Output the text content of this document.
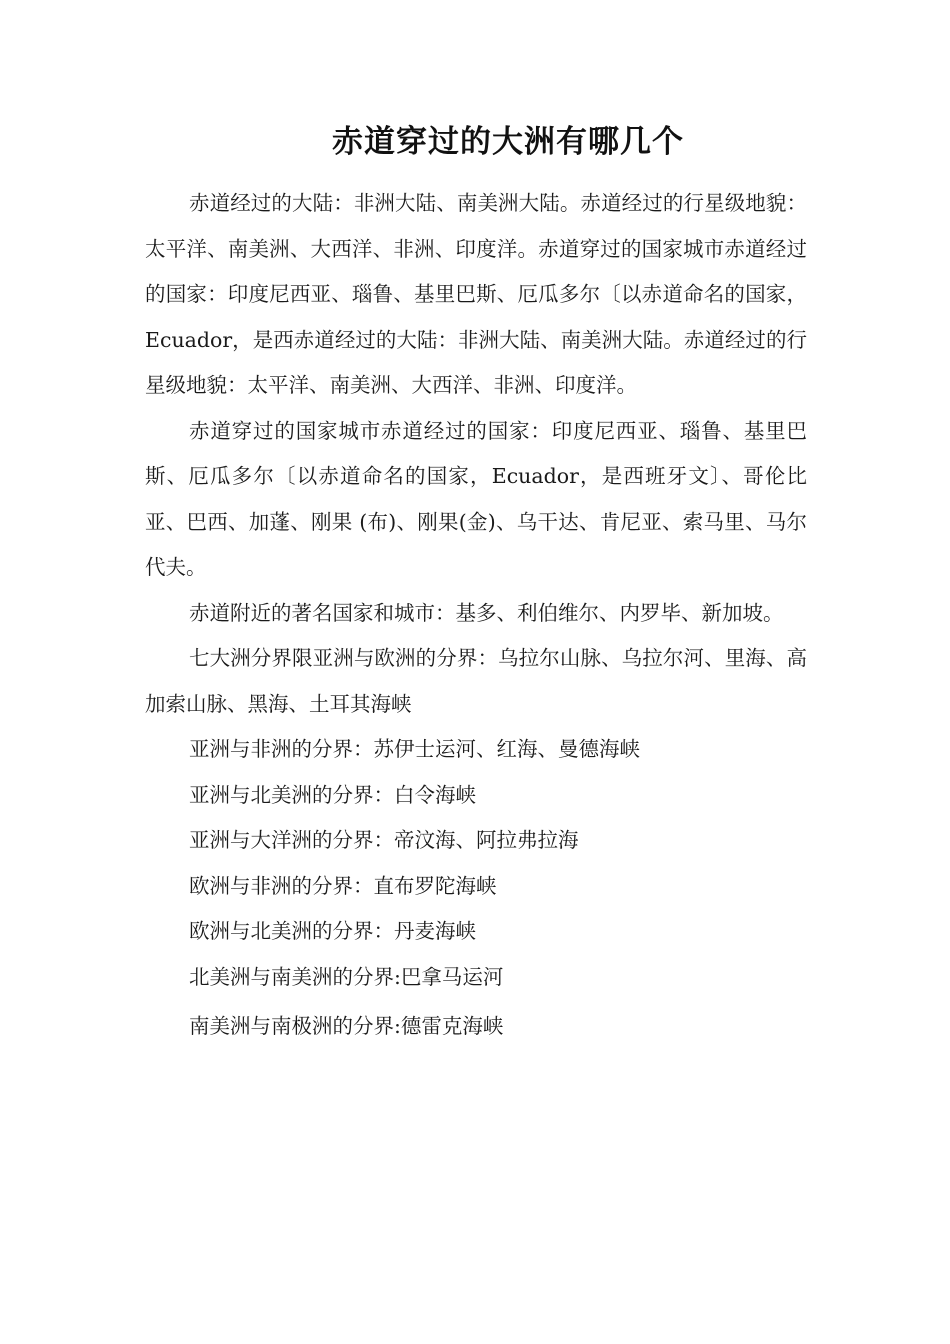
赤道穿过的大洲有哪几个

赤道经过的大陆：非洲大陆、南美洲大陆。赤道经过的行星级地貌：太平洋、南美洲、大西洋、非洲、印度洋。赤道穿过的国家城市赤道经过的国家：印度尼西亚、瑙鲁、基里巴斯、厄瓜多尔〔以赤道命名的国家，Ecuador，是西赤道经过的大陆：非洲大陆、南美洲大陆。赤道经过的行星级地貌：太平洋、南美洲、大西洋、非洲、印度洋。

赤道穿过的国家城市赤道经过的国家：印度尼西亚、瑙鲁、基里巴斯、厄瓜多尔〔以赤道命名的国家，Ecuador，是西班牙文〕、哥伦比亚、巴西、加蓬、刚果 (布)、刚果(金)、乌干达、肯尼亚、索马里、马尔代夫。

赤道附近的著名国家和城市：基多、利伯维尔、内罗毕、新加坡。

七大洲分界限亚洲与欧洲的分界：乌拉尔山脉、乌拉尔河、里海、高加索山脉、黑海、土耳其海峡

亚洲与非洲的分界：苏伊士运河、红海、曼德海峡

亚洲与北美洲的分界：白令海峡

亚洲与大洋洲的分界：帝汶海、阿拉弗拉海

欧洲与非洲的分界：直布罗陀海峡

欧洲与北美洲的分界：丹麦海峡

北美洲与南美洲的分界:巴拿马运河

南美洲与南极洲的分界:德雷克海峡
